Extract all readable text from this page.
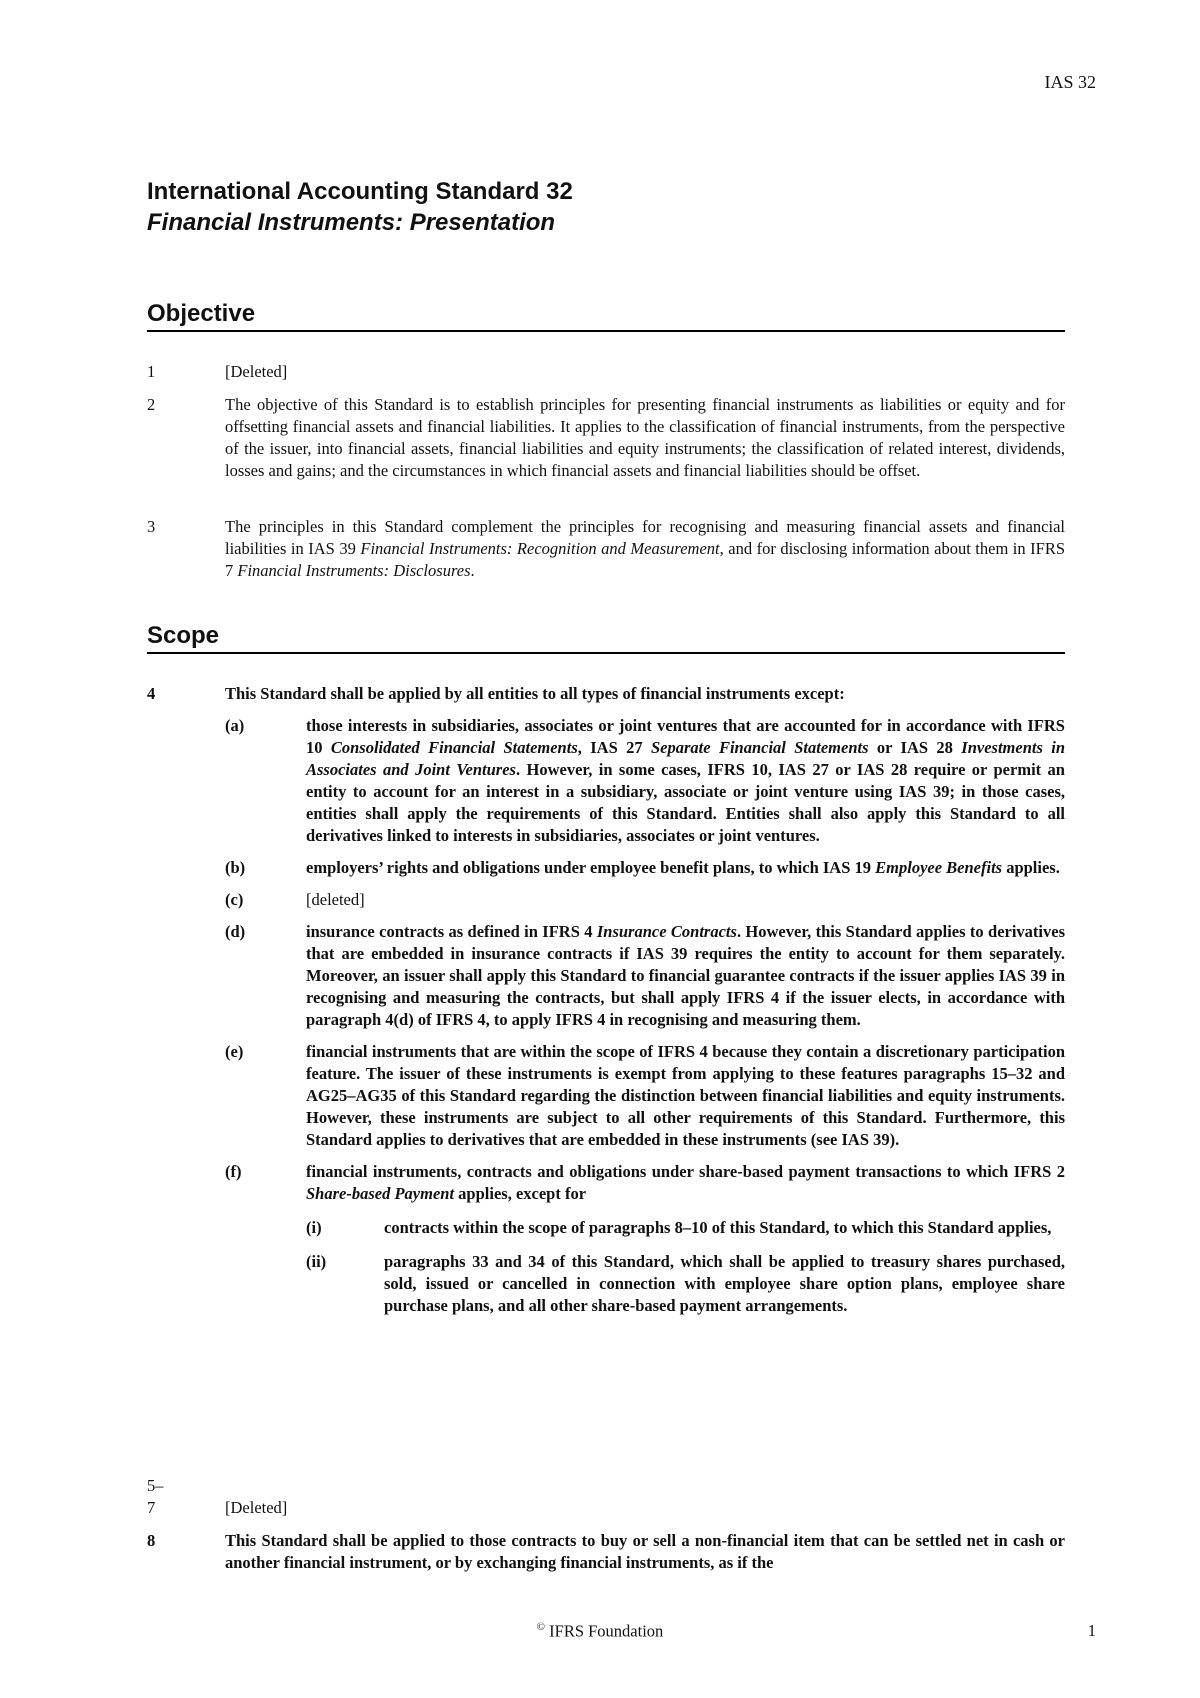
IAS 32
International Accounting Standard 32
Financial Instruments: Presentation
Objective
1	[Deleted]
2	The objective of this Standard is to establish principles for presenting financial instruments as liabilities or equity and for offsetting financial assets and financial liabilities. It applies to the classification of financial instruments, from the perspective of the issuer, into financial assets, financial liabilities and equity instruments; the classification of related interest, dividends, losses and gains; and the circumstances in which financial assets and financial liabilities should be offset.
3	The principles in this Standard complement the principles for recognising and measuring financial assets and financial liabilities in IAS 39 Financial Instruments: Recognition and Measurement, and for disclosing information about them in IFRS 7 Financial Instruments: Disclosures.
Scope
4	This Standard shall be applied by all entities to all types of financial instruments except:
(a)	those interests in subsidiaries, associates or joint ventures that are accounted for in accordance with IFRS 10 Consolidated Financial Statements, IAS 27 Separate Financial Statements or IAS 28 Investments in Associates and Joint Ventures. However, in some cases, IFRS 10, IAS 27 or IAS 28 require or permit an entity to account for an interest in a subsidiary, associate or joint venture using IAS 39; in those cases, entities shall apply the requirements of this Standard. Entities shall also apply this Standard to all derivatives linked to interests in subsidiaries, associates or joint ventures.
(b)	employers’ rights and obligations under employee benefit plans, to which IAS 19 Employee Benefits applies.
(c)	[deleted]
(d)	insurance contracts as defined in IFRS 4 Insurance Contracts. However, this Standard applies to derivatives that are embedded in insurance contracts if IAS 39 requires the entity to account for them separately. Moreover, an issuer shall apply this Standard to financial guarantee contracts if the issuer applies IAS 39 in recognising and measuring the contracts, but shall apply IFRS 4 if the issuer elects, in accordance with paragraph 4(d) of IFRS 4, to apply IFRS 4 in recognising and measuring them.
(e)	financial instruments that are within the scope of IFRS 4 because they contain a discretionary participation feature. The issuer of these instruments is exempt from applying to these features paragraphs 15–32 and AG25–AG35 of this Standard regarding the distinction between financial liabilities and equity instruments. However, these instruments are subject to all other requirements of this Standard. Furthermore, this Standard applies to derivatives that are embedded in these instruments (see IAS 39).
(f)	financial instruments, contracts and obligations under share-based payment transactions to which IFRS 2 Share-based Payment applies, except for
(i)	contracts within the scope of paragraphs 8–10 of this Standard, to which this Standard applies,
(ii)	paragraphs 33 and 34 of this Standard, which shall be applied to treasury shares purchased, sold, issued or cancelled in connection with employee share option plans, employee share purchase plans, and all other share-based payment arrangements.
5–
7	[Deleted]
8	This Standard shall be applied to those contracts to buy or sell a non-financial item that can be settled net in cash or another financial instrument, or by exchanging financial instruments, as if the
© IFRS Foundation	1
